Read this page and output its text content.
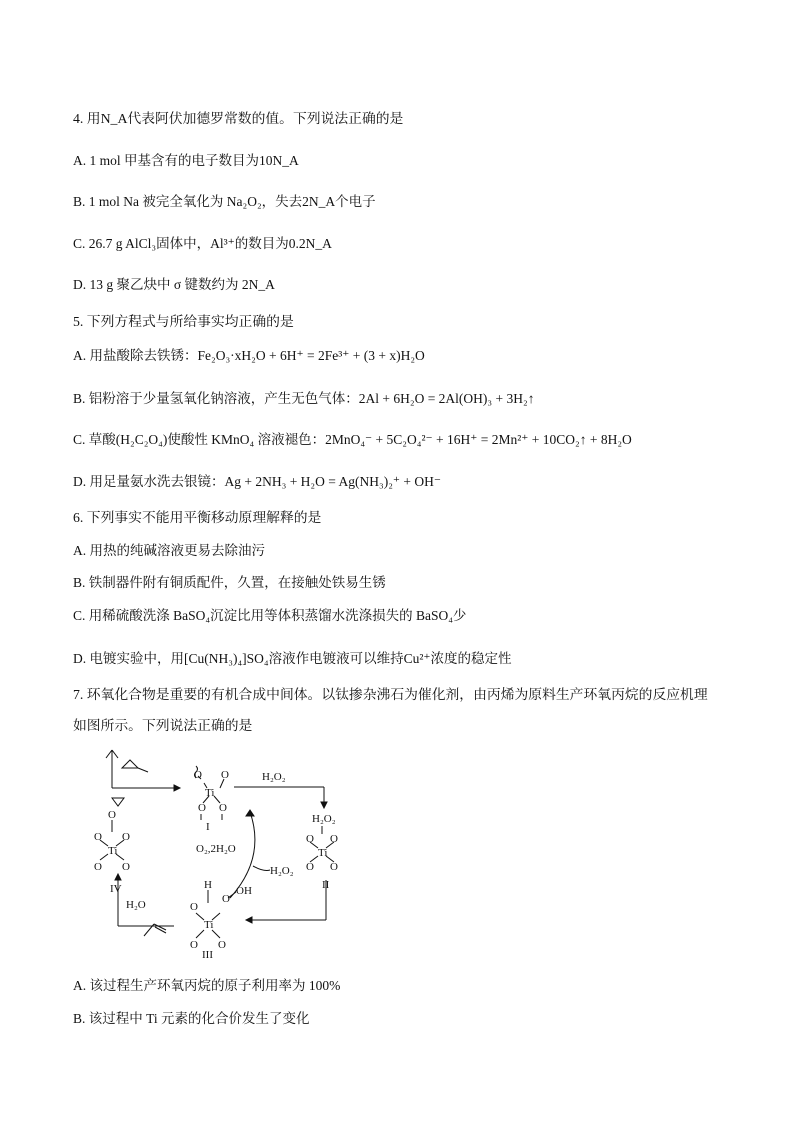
4. 用N_A代表阿伏加德罗常数的值。下列说法正确的是
A. 1 mol 甲基含有的电子数目为10N_A
B. 1 mol Na 被完全氧化为 Na₂O₂，失去2N_A个电子
C. 26.7 g AlCl₃固体中，Al³⁺的数目为0.2N_A
D. 13 g 聚乙炔中 σ 键数约为 2N_A
5. 下列方程式与所给事实均正确的是
A. 用盐酸除去铁锈：Fe₂O₃·xH₂O + 6H⁺ = 2Fe³⁺ + (3 + x)H₂O
B. 铝粉溶于少量氢氧化钠溶液，产生无色气体：2Al + 6H₂O = 2Al(OH)₃ + 3H₂↑
C. 草酸(H₂C₂O₄)使酸性 KMnO₄ 溶液褪色：2MnO₄⁻ + 5C₂O₄²⁻ + 16H⁺ = 2Mn²⁺ + 10CO₂↑ + 8H₂O
D. 用足量氨水洗去银镜：Ag + 2NH₃ + H₂O = Ag(NH₃)₂⁺ + OH⁻
6. 下列事实不能用平衡移动原理解释的是
A. 用热的纯碱溶液更易去除油污
B. 铁制器件附有铜质配件，久置，在接触处铁易生锈
C. 用稀硫酸洗涤 BaSO₄沉淀比用等体积蒸馏水洗涤损失的 BaSO₄少
D. 电镀实验中，用[Cu(NH₃)₄]SO₄溶液作电镀液可以维持Cu²⁺浓度的稳定性
7. 环氧化合物是重要的有机合成中间体。以钛掺杂沸石为催化剂，由丙烯为原料生产环氧丙烷的反应机理
如图所示。下列说法正确的是
O O
Ti
O O
I
H₂O₂
H₂O₂
O O
Ti
O O
II
O₂,2H₂O
H₂O₂
H
O
O
OH
Ti
O O
III
H₂O
O
O O
Ti
O O
IV
A. 该过程生产环氧丙烷的原子利用率为 100%
B. 该过程中 Ti 元素的化合价发生了变化
